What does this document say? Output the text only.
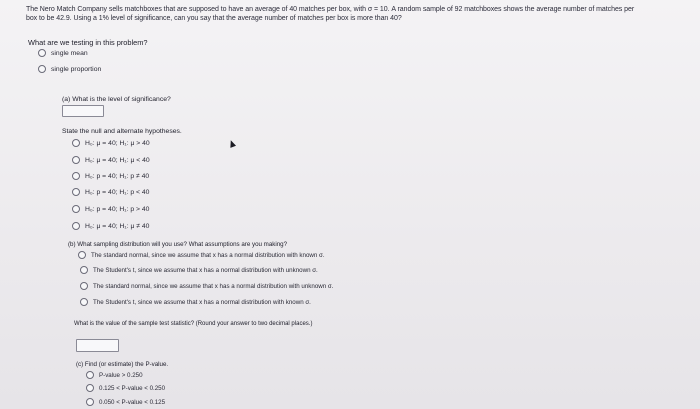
The Nero Match Company sells matchboxes that are supposed to have an average of 40 matches per box, with σ = 10. A random sample of 92 matchboxes shows the average number of matches per
box to be 42.9. Using a 1% level of significance, can you say that the average number of matches per box is more than 40?
What are we testing in this problem?
single mean
single proportion
(a) What is the level of significance?
State the null and alternate hypotheses.
H₀: μ = 40; H₁: μ > 40
H₀: μ = 40; H₁: μ < 40
H₀: p = 40; H₁: p ≠ 40
H₀: p = 40; H₁: p < 40
H₀: p = 40; H₁: p > 40
H₀: μ = 40; H₁: μ ≠ 40
(b) What sampling distribution will you use? What assumptions are you making?
The standard normal, since we assume that x has a normal distribution with known σ.
The Student's t, since we assume that x has a normal distribution with unknown σ.
The standard normal, since we assume that x has a normal distribution with unknown σ.
The Student's t, since we assume that x has a normal distribution with known σ.
What is the value of the sample test statistic? (Round your answer to two decimal places.)
(c) Find (or estimate) the P-value.
P-value > 0.250
0.125 < P-value < 0.250
0.050 < P-value < 0.125
